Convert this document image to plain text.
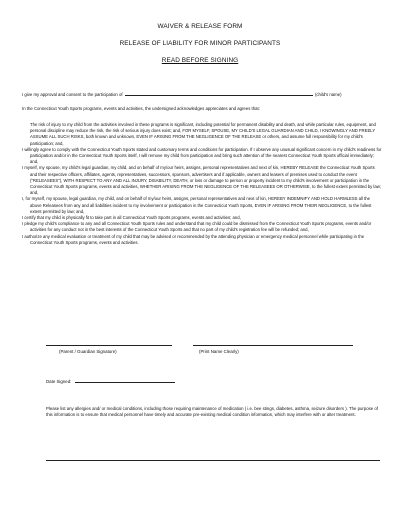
WAIVER & RELEASE FORM
RELEASE OF LIABILITY FOR MINOR PARTICIPANTS
READ BEFORE SIGNING
I give my approval and consent to the participation of	(child's name)
In the Connecticut Youth Sports programs, events and activities, the undersigned acknowledges appreciates and agrees that:

The risk of injury to my child from the activities involved in these programs is significant, including potential for permanent disability and death, and while particular rules, equipment, and personal discipline may reduce the risk, the risk of serious injury does exist; and, FOR MYSELF, SPOUSE, MY CHILD'S LEGAL GUARDIAN AND CHILD, I KNOWINGLY AND FREELY ASSUME ALL SUCH RISKS, both known and unknown, EVEN IF ARISING FROM THE NEGLIGENCE OF THE RELEASE or others, and assume full responsibility for my child's participation; and,

I willingly agree to comply with the Connecticut Youth Sports stated and customary terms and conditions for participation. If I observe any unusual significant concern in my child's readiness for participation and/or in the Connecticut Youth Sports itself, I will remove my child from participation and bring such attention of the nearest Connecticut Youth Sports official immediately; and,

I myself, my spouse, my child's legal guardian, my child, and on behalf of my/our heirs, assigns, personal representatives and next of kin, HEREBY RELEASE the Connecticut Youth Sports and their respective officers, affiliates, agents, representatives, successors, sponsors, advertisers and if applicable, owners and leasers of premises used to conduct the event ("RELEASEES"), WITH RESPECT TO ANY AND ALL INJURY, DISABILITY, DEATH, or loss or damage to person or property incident to my child's involvement or participation in the Connecticut Youth Sports programs, events and activities, WHETHER ARISING FROM THE NEGLIGENCE OF THE RELEASEES OR OTHERWISE, to the fullest extent permitted by law; and,

I, for myself, my spouse, legal guardian, my child, and on behalf of my/our heirs, assigns, personal representatives and next of kin, HEREBY INDEMNIFY AND HOLD HARMLESS all the above Releasees from any and all liabilities incident to my involvement or participation in the Connecticut Youth Sports, EVEN IF ARISING FROM THEIR NEGLIGENCE, to the fullest extent permitted by law; and,

I certify that my child is physically fit to take part in all Connecticut Youth Sports programs, events and activities; and,

I pledge my child's compliance to any and all Connecticut Youth Sports rules and understand that my child could be dismissed from the Connecticut Youth Sports programs, events and/or activities for any conduct not in the best interests of the Connecticut Youth Sports and that no part of my child's registration fee will be refunded; and,

I authorize any medical evaluation or treatment of my child that may be advised or recommended by the attending physician or emergency medical personnel while participating in the Connecticut Youth Sports programs, events and activities.

(Parent / Guardian Signature)	(Print Name Clearly)
Date Signed:
Please list any allergies and/ or medical conditions, including those requiring maintenance of medication ( i.e. bee stings, diabetes, asthma, seizure disorders ). The purpose of this information is to ensure that medical personnel have timely and accurate pre-existing medical condition information, which may interfere with or alter treatment.
